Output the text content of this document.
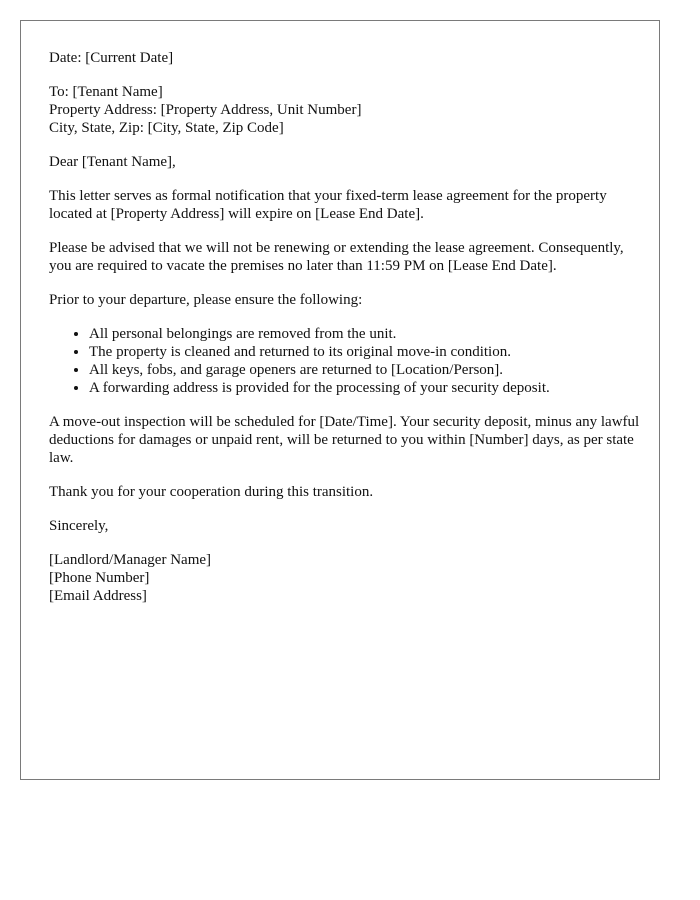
Date: [Current Date]

To: [Tenant Name]
Property Address: [Property Address, Unit Number]
City, State, Zip: [City, State, Zip Code]

Dear [Tenant Name],

This letter serves as formal notification that your fixed-term lease agreement for the property located at [Property Address] will expire on [Lease End Date].

Please be advised that we will not be renewing or extending the lease agreement. Consequently, you are required to vacate the premises no later than 11:59 PM on [Lease End Date].

Prior to your departure, please ensure the following:

• All personal belongings are removed from the unit.
• The property is cleaned and returned to its original move-in condition.
• All keys, fobs, and garage openers are returned to [Location/Person].
• A forwarding address is provided for the processing of your security deposit.

A move-out inspection will be scheduled for [Date/Time]. Your security deposit, minus any lawful deductions for damages or unpaid rent, will be returned to you within [Number] days, as per state law.

Thank you for your cooperation during this transition.

Sincerely,

[Landlord/Manager Name]
[Phone Number]
[Email Address]
